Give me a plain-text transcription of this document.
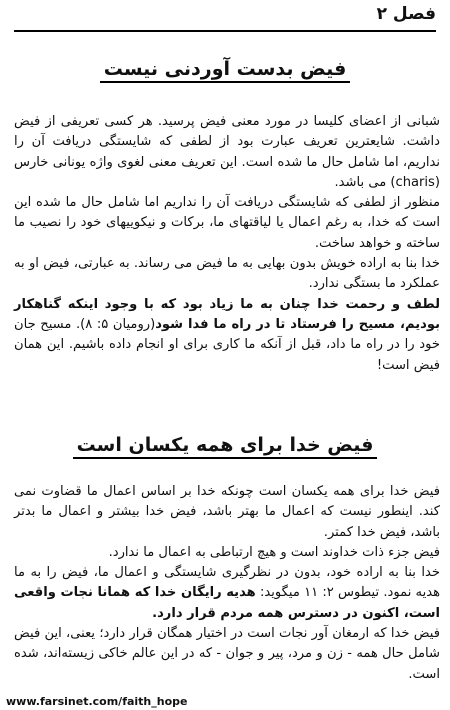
فصل ۲
فیض بدست آوردنی نیست

شبانی از اعضای کلیسا در مورد معنی فیض پرسید. هر کسی تعریفی از فیض داشت. شایعترین تعریف عبارت بود از لطفی که شایستگی دریافت آن را نداریم، اما شامل حال ما شده است. این تعریف معنی لغوی واژه یونانی خارس (charis) می باشد.

منظور از لطفی که شایستگی دریافت آن را نداریم اما شامل حال ما شده این است که خدا، به رغم اعمال یا لیاقتهای ما، برکات و نیکوییهای خود را نصیب ما ساخته و خواهد ساخت.

خدا بنا به اراده خویش بدون بهایی به ما فیض می رساند. به عبارتی، فیض او به عملکرد ما بستگی ندارد.

لطف و رحمت خدا چنان به ما زیاد بود که با وجود اینکه گناهکار بودیم، مسیح را فرستاد تا در راه ما فدا شود(رومیان ۵: ۸). مسیح جان خود را در راه ما داد، قبل از آنکه ما کاری برای او انجام داده باشیم. این همان فیض است!

فیض خدا برای همه یکسان است

فیض خدا برای همه یکسان است چونکه خدا بر اساس اعمال ما قضاوت نمی کند. اینطور نیست که اعمال ما بهتر باشد، فیض خدا بیشتر و اعمال ما بدتر باشد، فیض خدا کمتر.

فیض جزء ذات خداوند است و هیچ ارتباطی به اعمال ما ندارد.

خدا بنا به اراده خود، بدون در نظرگیری شایستگی و اعمال ما، فیض را به ما هدیه نمود. تیطوس ۲: ۱۱ میگوید: هدیه رایگان خدا که همانا نجات واقعی است، اکنون در دسترس همه مردم قرار دارد.

فیض خدا که ارمغان آور نجات است در اختیار همگان قرار دارد؛ یعنی، این فیض شامل حال همه - زن و مرد، پیر و جوان - که در این عالم خاکی زیسته‌اند، شده است.

www.farsinet.com/faith_hope
